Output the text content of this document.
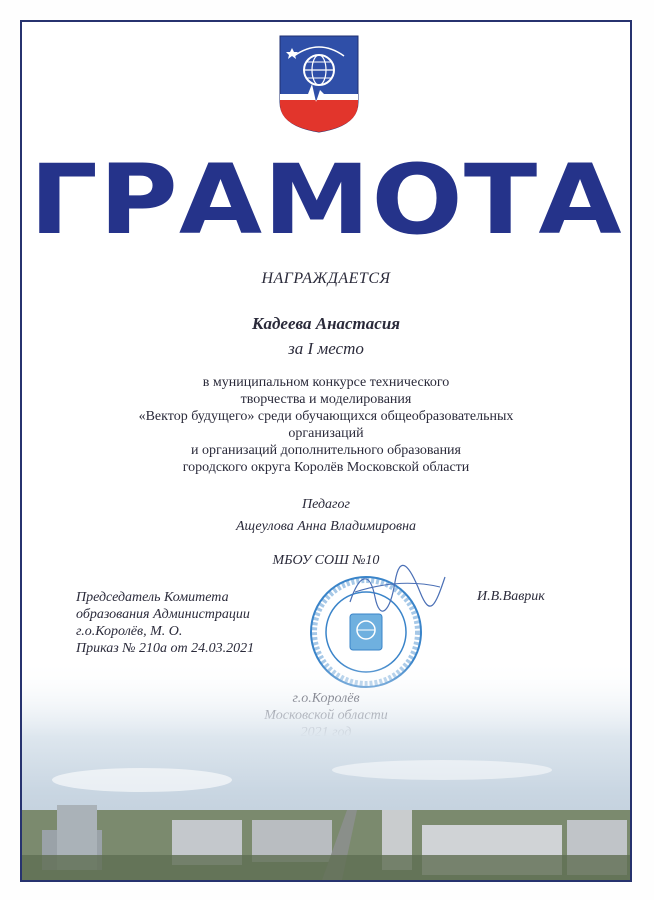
ГРАМОТА
НАГРАЖДАЕТСЯ
Кадеева Анастасия
за I место
в муниципальном конкурсе технического
творчества и моделирования
«Вектор будущего» среди обучающихся общеобразовательных
организаций
и организаций дополнительного образования
городского округа Королёв Московской области
Педагог
Ащеулова Анна Владимировна
МБОУ СОШ №10
Председатель Комитета
образования Администрации
г.о.Королёв, М. О.
Приказ № 210а от 24.03.2021
И.В.Ваврик
